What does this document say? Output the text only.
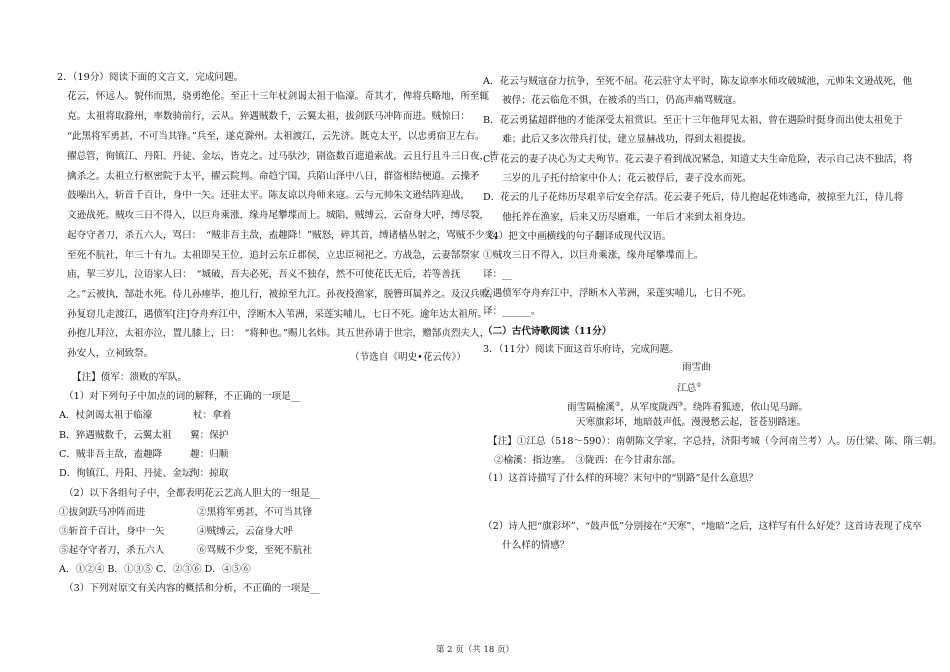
2．（19分）阅读下面的文言文，完成问题。
花云，怀远人。貌伟而黑，骁勇绝伦。至正十三年杖剑谒太祖于临濠。奇其才，俾将兵略地，所至辄
克。太祖将取滁州，率数骑前行，云从。猝遇贼数千，云翼太祖，拔剑跃马冲阵而进。贼惊曰：
“此黑将军勇甚，不可当其锋。”兵至，遂克滁州。太祖渡江，云先济。既克太平，以忠勇宿卫左右。
擢总管，徇镇江、丹阳、丹徒、金坛，皆克之。过马驮沙，剧盗数百遮道索战。云且行且斗三日夜，皆
擒杀之。太祖立行枢密院于太平，擢云院判。命趋宁国，兵陷山泽中八日，群盗相结梗道。云操矛
鼓噪出入，斩首千百计，身中一矢。还驻太平。陈友谅以舟师来寇。云与元帅朱文逊结阵迎战，
文逊战死。贼攻三日不得入，以巨舟乘涨，缘舟尾攀堞而上。城陷，贼缚云，云奋身大呼，缚尽裂，
起夺守者刀，杀五六人，骂曰：　“贼非吾主敌，盍趣降！”贼怒，碎其首，缚诸樯丛射之，骂贼不少变，
至死不肮社，年三十有九。太祖即吴王位，追封云东丘郡侯，立忠臣祠祀之。方战急，云妻郜祭家
庙，挈三岁儿，泣语家人曰：　“城破，吾夫必死，吾义不独存，然不可使花氏无后，若等善抚
之。”云被执，郜赴水死。侍儿孙瘗毕，抱儿行，被掠至九江。孙夜投渔家，脱簪珥属养之。及汉兵败，
孙复窃儿走渡江，遇偾军[注]夺舟弃江中，浮断木入苇洲，采莲实哺儿，七日不死。逾年达太祖所。
孙抱儿拜泣，太祖亦泣，置儿膝上，曰：　“将种也。”赐儿名炜。其五世孙请于世宗，赠郜贞烈夫人，
孙安人，立祠致祭。	（节选自《明史•花云传》）
【注】偾军：溃败的军队。
（1）对下列句子中加点的词的解释，不正确的一项是__
A．杖剑谒太祖于临濠	杖：拿着
B．猝遇贼数千，云翼太祖 翼：保护
C．贼非吾主敌，盍趣降	趣：归顺
D．徇镇江、丹阳、丹徒、金坛
徇：掠取
（2）以下各组句子中，全都表明花云艺高人胆大的一组是__
①拔剑跃马冲阵而进	②黑将军勇甚，不可当其锋
③斩首千百计，身中一矢	④贼缚云，云奋身大呼
⑤起夺守者刀，杀五六人	⑥骂贼不少变，至死不肮社
A．①②④ B．①③⑤ C．②③⑥ D．④⑤⑥
（3）下列对原文有关内容的概括和分析，不正确的一项是__
A．花云与贼寇奋力抗争，至死不屈。花云驻守太平时，陈友谅率水师攻破城池，元帅朱文逊战死，他
　　被俘；花云临危不惧，在被杀的当口，仍高声痛骂贼寇。
B．花云勇猛超群他的才能深受太祖赏识。至正十三年他拜见太祖，曾在遇险时挺身而出使太祖免于
　　难；此后又多次带兵打仗，建立显赫战功，得到太祖提拔。
C．花云的妻子决心为丈夫殉节。花云妻子看到战况紧急，知道丈夫生命危险，表示自己决不独活，将
　　三岁的儿子托付给家中仆人；花云被俘后，妻子没水而死。
D．花云的儿子花炜历尽艰辛后安全存活。花云妻子死后，侍儿抱起花炜逃命，被掠至九江，侍儿将
　　他托养在渔家，后来又历尽磨难，一年后才来到太祖身边。
（4）把文中画横线的句子翻译成现代汉语。
①贼攻三日不得入，以巨舟乘涨，缘舟尾攀堞而上。
译：__
②遇偾军夺舟弃江中，浮断木入苇洲，采莲实哺儿，七日不死。
译：______。
（二）古代诗歌阅读（11分）
3．（11分）阅读下面这首乐府诗，完成问题。
雨雪曲
江总①
雨雪隔榆溪②，从军度陇西③。绕阵看狐迹，依山见马蹄。
天寒旗彩坏，地暗鼓声低。漫漫愁云起，苍苍别路迷。
【注】①江总（518～590）：南朝陈文学家，字总持，济阳考城（今河南兰考）人。历仕梁、陈、隋三朝。
②榆溪：指边塞。　③陇西：在今甘肃东部。
（1）这首诗描写了什么样的环境？末句中的“别路”是什么意思？
（2）诗人把“旗彩坏”、“鼓声低”分别接在“天寒”、“地暗”之后，这样写有什么好处？这首诗表现了戍卒
　　什么样的情感？
第 2 页（共 18 页）
